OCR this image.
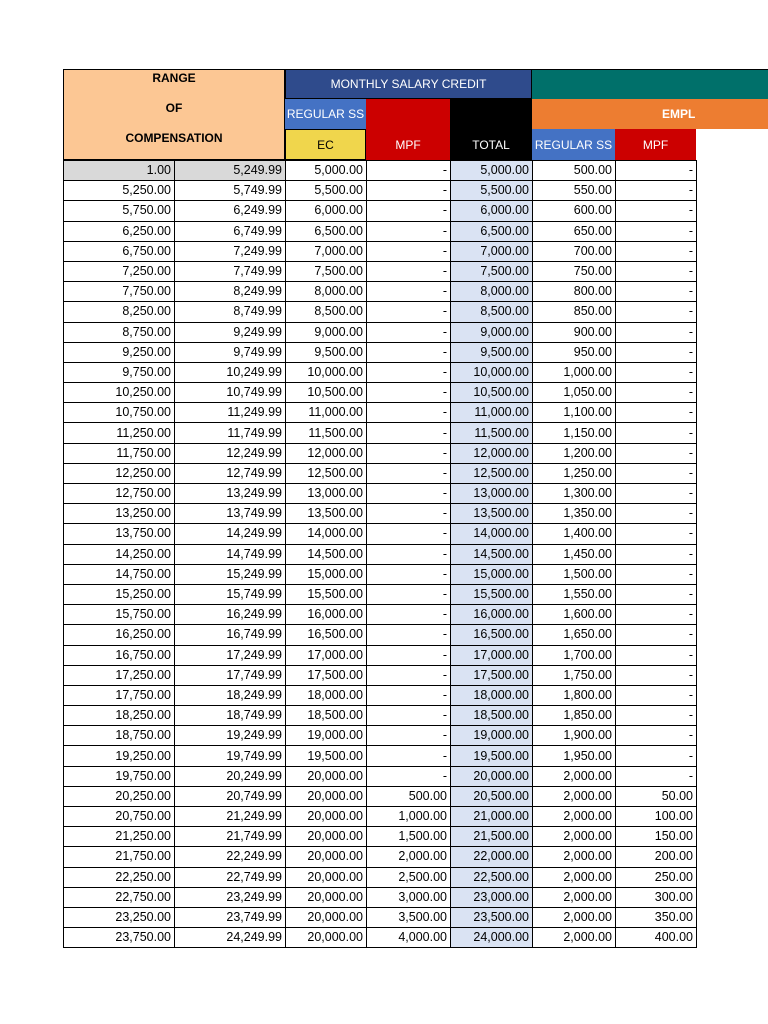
RANGE
OF
COMPENSATION
MONTHLY SALARY CREDIT
REGULAR SS	EMPL
EC	MPF	TOTAL	REGULAR SS	MPF
1.00	5,249.99	5,000.00	-	5,000.00	500.00	-
5,250.00	5,749.99	5,500.00	-	5,500.00	550.00	-
5,750.00	6,249.99	6,000.00	-	6,000.00	600.00	-
6,250.00	6,749.99	6,500.00	-	6,500.00	650.00	-
6,750.00	7,249.99	7,000.00	-	7,000.00	700.00	-
7,250.00	7,749.99	7,500.00	-	7,500.00	750.00	-
7,750.00	8,249.99	8,000.00	-	8,000.00	800.00	-
8,250.00	8,749.99	8,500.00	-	8,500.00	850.00	-
8,750.00	9,249.99	9,000.00	-	9,000.00	900.00	-
9,250.00	9,749.99	9,500.00	-	9,500.00	950.00	-
9,750.00	10,249.99	10,000.00	-	10,000.00	1,000.00	-
10,250.00	10,749.99	10,500.00	-	10,500.00	1,050.00	-
10,750.00	11,249.99	11,000.00	-	11,000.00	1,100.00	-
11,250.00	11,749.99	11,500.00	-	11,500.00	1,150.00	-
11,750.00	12,249.99	12,000.00	-	12,000.00	1,200.00	-
12,250.00	12,749.99	12,500.00	-	12,500.00	1,250.00	-
12,750.00	13,249.99	13,000.00	-	13,000.00	1,300.00	-
13,250.00	13,749.99	13,500.00	-	13,500.00	1,350.00	-
13,750.00	14,249.99	14,000.00	-	14,000.00	1,400.00	-
14,250.00	14,749.99	14,500.00	-	14,500.00	1,450.00	-
14,750.00	15,249.99	15,000.00	-	15,000.00	1,500.00	-
15,250.00	15,749.99	15,500.00	-	15,500.00	1,550.00	-
15,750.00	16,249.99	16,000.00	-	16,000.00	1,600.00	-
16,250.00	16,749.99	16,500.00	-	16,500.00	1,650.00	-
16,750.00	17,249.99	17,000.00	-	17,000.00	1,700.00	-
17,250.00	17,749.99	17,500.00	-	17,500.00	1,750.00	-
17,750.00	18,249.99	18,000.00	-	18,000.00	1,800.00	-
18,250.00	18,749.99	18,500.00	-	18,500.00	1,850.00	-
18,750.00	19,249.99	19,000.00	-	19,000.00	1,900.00	-
19,250.00	19,749.99	19,500.00	-	19,500.00	1,950.00	-
19,750.00	20,249.99	20,000.00	-	20,000.00	2,000.00	-
20,250.00	20,749.99	20,000.00	500.00	20,500.00	2,000.00	50.00
20,750.00	21,249.99	20,000.00	1,000.00	21,000.00	2,000.00	100.00
21,250.00	21,749.99	20,000.00	1,500.00	21,500.00	2,000.00	150.00
21,750.00	22,249.99	20,000.00	2,000.00	22,000.00	2,000.00	200.00
22,250.00	22,749.99	20,000.00	2,500.00	22,500.00	2,000.00	250.00
22,750.00	23,249.99	20,000.00	3,000.00	23,000.00	2,000.00	300.00
23,250.00	23,749.99	20,000.00	3,500.00	23,500.00	2,000.00	350.00
23,750.00	24,249.99	20,000.00	4,000.00	24,000.00	2,000.00	400.00
